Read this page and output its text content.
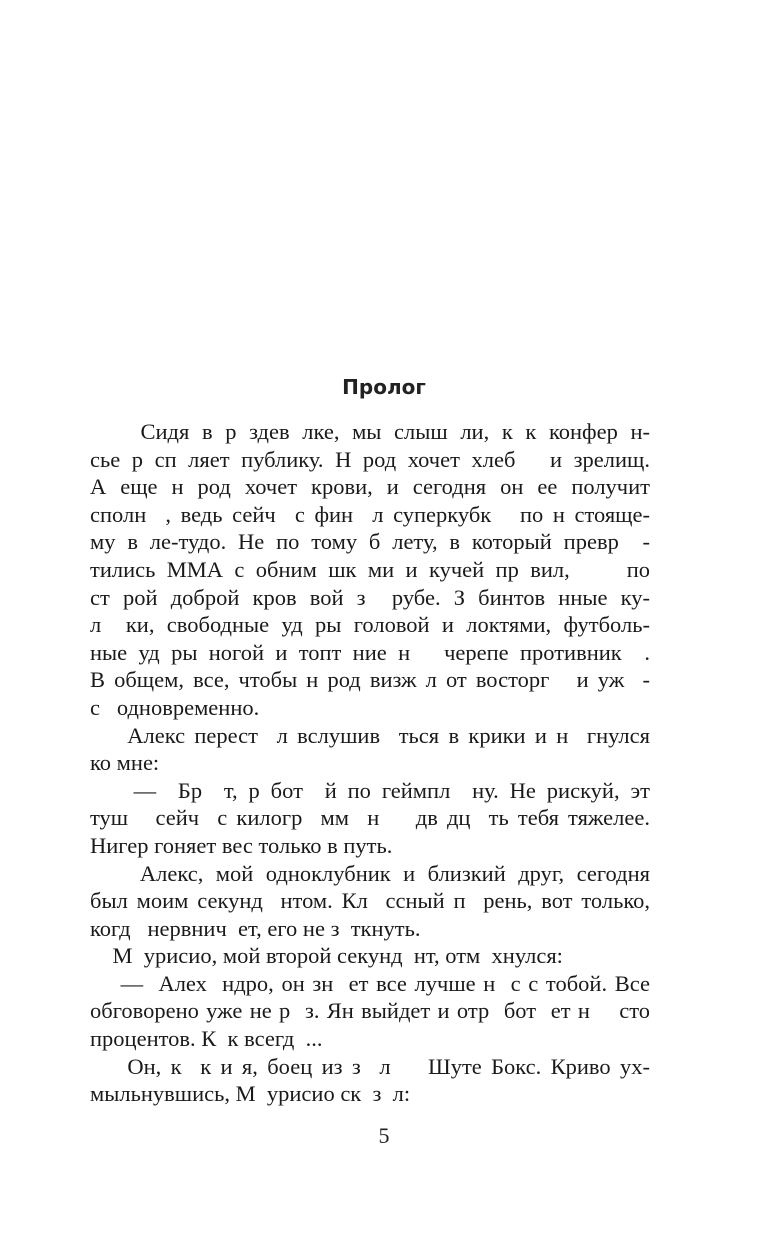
Пролог
Сидя в р здев лке, мы слыш ли, к к конфер н-
сье р сп ляет публику. Н род хочет хлеб   и зрелищ.
А еще н род хочет крови, и сегодня он ее получит
сполн  , ведь сейч  с фин  л суперкубк   по н стояще-
му в ле-тудо. Не по тому б лету, в который превр  -
тились ММА с обним шк ми и кучей пр вил,     по
ст рой доброй кров вой з  рубе. З бинтов нные ку-
л  ки, свободные уд ры головой и локтями, футболь-
ные уд ры ногой и топт ние н   черепе противник  .
В общем, все, чтобы н род визж л от восторг   и уж  -
с   одновременно.
Алекс перест  л вслушив  ться в крики и н  гнулся
ко мне:
—  Бр  т, р бот  й по геймпл  ну. Не рискуй, эт
туш   сейч  с килогр  мм  н    дв дц  ть тебя тяжелее.
Нигер гоняет вес только в путь.
Алекс, мой одноклубник и близкий друг, сегодня
был моим секунд  нтом. Кл  ссный п  рень, вот только,
когд   нервнич  ет, его не з  ткнуть.
М  урисио, мой второй секунд  нт, отм  хнулся:
—  Алех  ндро, он зн  ет все лучше н  с с тобой. Все
обговорено уже не р  з. Ян выйдет и отр  бот  ет н    сто
процентов. К  к всегд  ...
Он, к  к и я, боец из з  л    Шуте Бокс. Криво ух-
мыльнувшись, М  урисио ск  з  л:
5
